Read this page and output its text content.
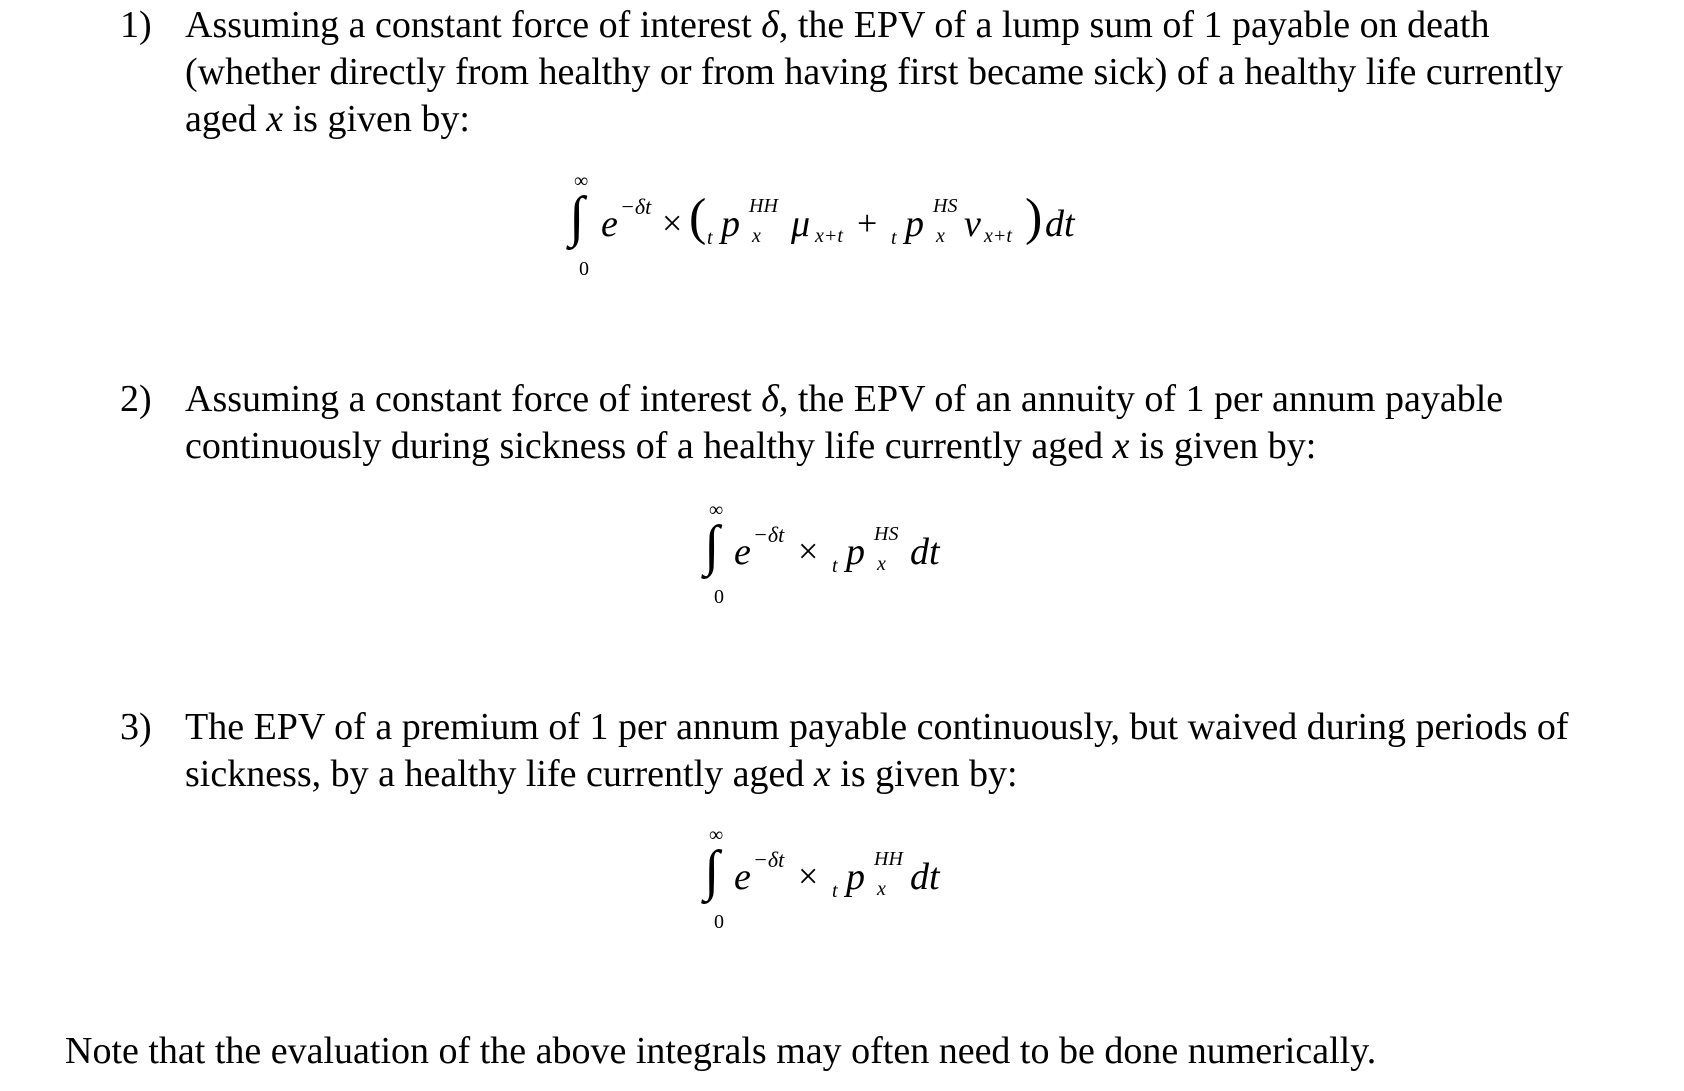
1) Assuming a constant force of interest δ, the EPV of a lump sum of 1 payable on death (whether directly from healthy or from having first became sick) of a healthy life currently aged x is given by:
∞
∫
0
e −δt × ( t p HH
x μ x+t + t p HS
x ν x+t ) dt
2) Assuming a constant force of interest δ, the EPV of an annuity of 1 per annum payable continuously during sickness of a healthy life currently aged x is given by:
∞
∫
0
e −δt × t p HS
x dt
3) The EPV of a premium of 1 per annum payable continuously, but waived during periods of sickness, by a healthy life currently aged x is given by:
∞
∫
0
e −δt × t p HH
x dt
Note that the evaluation of the above integrals may often need to be done numerically.
